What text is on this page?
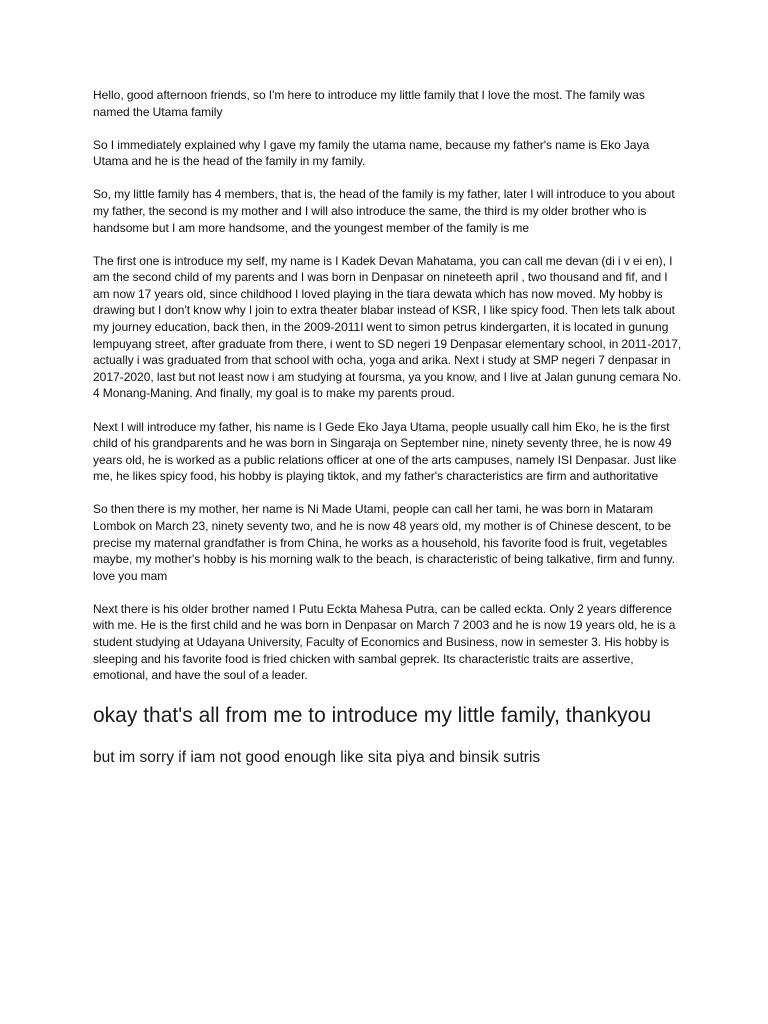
Hello, good afternoon friends, so I'm here to introduce my little family that I love the most. The family was named the Utama family

So I immediately explained why I gave my family the utama name, because my father's name is Eko Jaya Utama and he is the head of the family in my family.

So, my little family has 4 members, that is, the head of the family is my father, later I will introduce to you about my father, the second is my mother and I will also introduce the same, the third is my older brother who is handsome but I am more handsome, and the youngest member of the family is me

The first one is introduce my self, my name is I Kadek Devan Mahatama, you can call me devan (di i v ei en), I am the second child of my parents and I was born in Denpasar on nineteeth april , two thousand and fif, and I am now 17 years old, since childhood I loved playing in the tiara dewata which has now moved. My hobby is drawing but I don't know why I join to extra theater blabar instead of KSR, I like spicy food. Then lets talk about my journey education, back then, in the 2009-2011I went to simon petrus kindergarten, it is located in gunung lempuyang street, after graduate from there, i went to SD negeri 19 Denpasar elementary school, in 2011-2017, actually i was graduated from that school with ocha, yoga and arika. Next i study at SMP negeri 7 denpasar in 2017-2020, last but not least now i am studying at foursma, ya you know, and I live at Jalan gunung cemara No. 4 Monang-Maning. And finally, my goal is to make my parents proud.

Next I will introduce my father, his name is I Gede Eko Jaya Utama, people usually call him Eko, he is the first child of his grandparents and he was born in Singaraja on September nine, ninety seventy three, he is now 49 years old, he is worked as a public relations officer at one of the arts campuses, namely ISI Denpasar. Just like me, he likes spicy food, his hobby is playing tiktok, and my father's characteristics are firm and authoritative

So then there is my mother, her name is Ni Made Utami, people can call her tami, he was born in Mataram Lombok on March 23, ninety seventy two, and he is now 48 years old, my mother is of Chinese descent, to be precise my maternal grandfather is from China, he works as a household, his favorite food is fruit, vegetables maybe, my mother's hobby is his morning walk to the beach, is characteristic of being talkative, firm and funny. love you mam

Next there is his older brother named I Putu Eckta Mahesa Putra, can be called eckta. Only 2 years difference with me. He is the first child and he was born in Denpasar on March 7 2003 and he is now 19 years old, he is a student studying at Udayana University, Faculty of Economics and Business, now in semester 3. His hobby is sleeping and his favorite food is fried chicken with sambal geprek. Its characteristic traits are assertive, emotional, and have the soul of a leader.

okay that's all from me to introduce my little family, thankyou

but im sorry if iam not good enough like sita piya and binsik sutris
